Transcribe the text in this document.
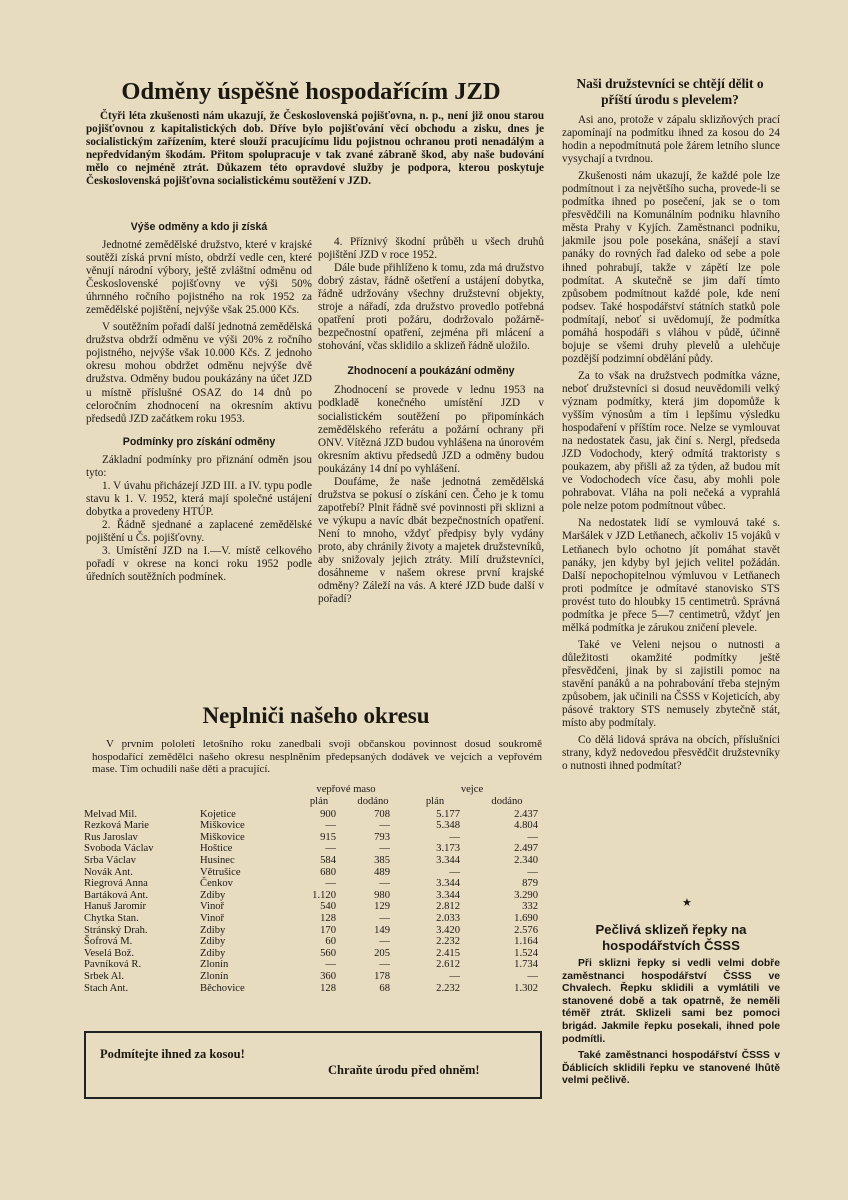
Odměny úspěšně hospodařícím JZD

Čtyři léta zkušenosti nám ukazují, že Československá pojišťovna, n. p., není již onou starou pojišťovnou z kapitalistických dob. Dříve bylo pojišťování věcí obchodu a zisku, dnes je socialistickým zařízením, které slouží pracujícímu lidu pojistnou ochranou proti nenadálým a nepředvídaným škodám. Přitom spolupracuje v tak zvané zábraně škod, aby naše budování mělo co nejméně ztrát. Důkazem této opravdové služby je podpora, kterou poskytuje Československá pojišťovna socialistickému soutěžení v JZD.

Výše odměny a kdo ji získá

Jednotné zemědělské družstvo, které v krajské soutěži získá první místo, obdrží vedle cen, které věnují národní výbory, ještě zvláštní odměnu od Československé pojišťovny ve výši 50% úhrnného ročního pojistného na rok 1952 za zemědělské pojištění, nejvýše však 25.000 Kčs.

V soutěžním pořadí další jednotná zemědělská družstva obdrží odměnu ve výši 20% z ročního pojistného, nejvýše však 10.000 Kčs. Z jednoho okresu mohou obdržet odměnu nejvýše dvě družstva. Odměny budou poukázány na účet JZD u místně příslušné OSAZ do 14 dnů po celoročním zhodnocení na okresním aktivu předsedů JZD začátkem roku 1953.

Podmínky pro získání odměny

Základní podmínky pro přiznání odměn jsou tyto:

1. V úvahu přicházejí JZD III. a IV. typu podle stavu k 1. V. 1952, která mají společné ustájení dobytka a provedeny HTÚP.

2. Řádně sjednané a zaplacené zemědělské pojištění u Čs. pojišťovny.

3. Umístění JZD na I.—V. místě celkového pořadí v okrese na konci roku 1952 podle úředních soutěžních podmínek.

4. Příznivý škodní průběh u všech druhů pojištění JZD v roce 1952.

Dále bude přihlíženo k tomu, zda má družstvo dobrý zástav, řádně ošetření a ustájení dobytka, řádně udržovány všechny družstevní objekty, stroje a nářadí, zda družstvo provedlo potřebná opatření proti požáru, dodržovalo požárně-bezpečnostní opatření, zejména při mlácení a stohování, včas sklidilo a sklizeň řádně uložilo.

Zhodnocení a poukázání odměny

Zhodnocení se provede v lednu 1953 na podkladě konečného umístění JZD v socialistickém soutěžení po připomínkách zemědělského referátu a požární ochrany při ONV. Vítězná JZD budou vyhlášena na únorovém okresním aktivu předsedů JZD a odměny budou poukázány 14 dní po vyhlášení.

Doufáme, že naše jednotná zemědělská družstva se pokusí o získání cen. Čeho je k tomu zapotřebí? Plnit řádně své povinnosti při sklizni a ve výkupu a navíc dbát bezpečnostních opatření. Není to mnoho, vždyť předpisy byly vydány proto, aby chránily životy a majetek družstevníků, aby snižovaly jejich ztráty. Milí družstevníci, dosáhneme v našem okrese první krajské odměny? Záleží na vás. A které JZD bude další v pořadí?

Neplniči našeho okresu

V prvním pololetí letošního roku zanedbali svoji občanskou povinnost dosud soukromě hospodařící zemědělci našeho okresu nesplněním předepsaných dodávek ve vejcích a vepřovém mase. Tím ochudili naše děti a pracující.

		vepřové maso		vejce	
		plán	dodáno	plán	dodáno
Melvad Mil.	Kojetice	900	708	5.177	2.437
Rezková Marie	Miškovice	—	—	5.348	4.804
Rus Jaroslav	Miškovice	915	793	—	—
Svoboda Václav	Hoštice	—	—	3.173	2.497
Srba Václav	Husinec	584	385	3.344	2.340
Novák Ant.	Větrušice	680	489	—	—
Riegrová Anna	Čenkov	—	—	3.344	879
Bartáková Ant.	Zdiby	1.120	980	3.344	3.290
Hanuš Jaromír	Vinoř	540	129	2.812	332
Chytka Stan.	Vinoř	128	—	2.033	1.690
Stránský Drah.	Zdiby	170	149	3.420	2.576
Šofrová M.	Zdiby	60	—	2.232	1.164
Veselá Bož.	Zdiby	560	205	2.415	1.524
Pavníková R.	Zlonín	—	—	2.612	1.734
Srbek Al.	Zlonín	360	178	—	—
Stach Ant.	Běchovice	128	68	2.232	1.302

Podmítejte ihned za kosou!

Chraňte úrodu před ohněm!

Naši družstevníci se chtějí dělit o příští úrodu s plevelem?

Asi ano, protože v zápalu sklizňových prací zapomínají na podmítku ihned za kosou do 24 hodin a nepodmítnutá pole žárem letního slunce vysychají a tvrdnou.

Zkušenosti nám ukazují, že každé pole lze podmítnout i za největšího sucha, provede-li se podmítka ihned po posečení, jak se o tom přesvědčili na Komunálním podniku hlavního města Prahy v Kyjích. Zaměstnanci podniku, jakmile jsou pole posekána, snášejí a staví panáky do rovných řad daleko od sebe a pole ihned pohrabují, takže v zápětí lze pole podmítat. A skutečně se jim daří tímto způsobem podmítnout každé pole, kde není podsev. Také hospodářství státních statků pole podmítají, neboť si uvědomují, že podmítka pomáhá hospodáři s vláhou v půdě, účinně bojuje se všemi druhy plevelů a ulehčuje pozdější podzimní obdělání půdy.

Za to však na družstvech podmítka vázne, neboť družstevníci si dosud neuvědomili velký význam podmítky, která jim dopomůže k vyšším výnosům a tím i lepšímu výsledku hospodaření v příštím roce. Nelze se vymlouvat na nedostatek času, jak činí s. Nergl, předseda JZD Vodochody, který odmítá traktoristy s poukazem, aby přišli až za týden, až budou mít ve Vodochodech více času, aby mohli pole pohrabovat. Vláha na poli nečeká a vyprahlá pole nelze potom podmítnout vůbec.

Na nedostatek lidí se vymlouvá také s. Maršálek v JZD Letňanech, ačkoliv 15 vojáků v Letňanech bylo ochotno jít pomáhat stavět panáky, jen kdyby byl jejich velitel požádán. Další nepochopitelnou výmluvou v Letňanech proti podmítce je odmítavé stanovisko STS provést tuto do hloubky 15 centimetrů. Správná podmítka je přece 5—7 centimetrů, vždyť jen mělká podmítka je zárukou zničení plevele.

Také ve Veleni nejsou o nutnosti a důležitosti okamžité podmítky ještě přesvědčeni, jinak by si zajistili pomoc na stavění panáků a na pohrabování třeba stejným způsobem, jak učinili na ČSSS v Kojeticích, aby pásové traktory STS nemusely zbytečně stát, místo aby podmítaly.

Co dělá lidová správa na obcích, příslušníci strany, když nedovedou přesvědčit družstevníky o nutnosti ihned podmítat?

★

Pečlivá sklizeň řepky na hospodářstvích ČSSS

Při sklizni řepky si vedli velmi dobře zaměstnanci hospodářství ČSSS ve Chvalech. Řepku sklidili a vymlátili ve stanovené době a tak opatrně, že neměli téměř ztrát. Sklizeli sami bez pomoci brigád. Jakmile řepku posekali, ihned pole podmítli.

Také zaměstnanci hospodářství ČSSS v Ďáblicích sklidili řepku ve stanovené lhůtě velmi pečlivě.
